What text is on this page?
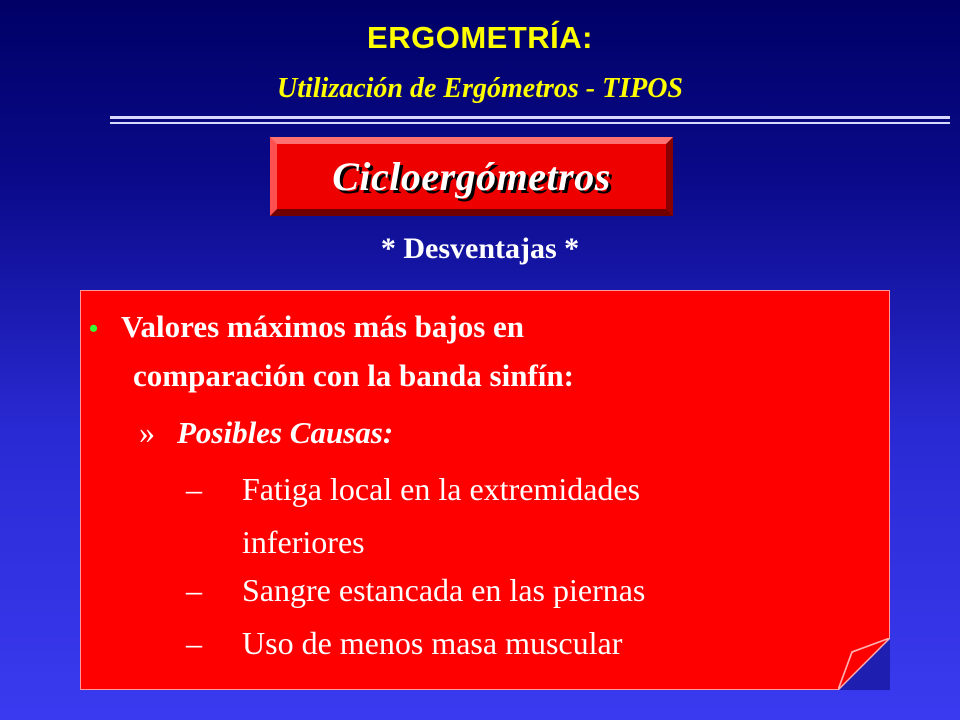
ERGOMETRÍA:
Utilización de Ergómetros - TIPOS
Cicloergómetros
* Desventajas *
• Valores máximos más bajos en
comparación con la banda sinfín:
» Posibles Causas:
– Fatiga local en la extremidades
inferiores
– Sangre estancada en las piernas
– Uso de menos masa muscular
